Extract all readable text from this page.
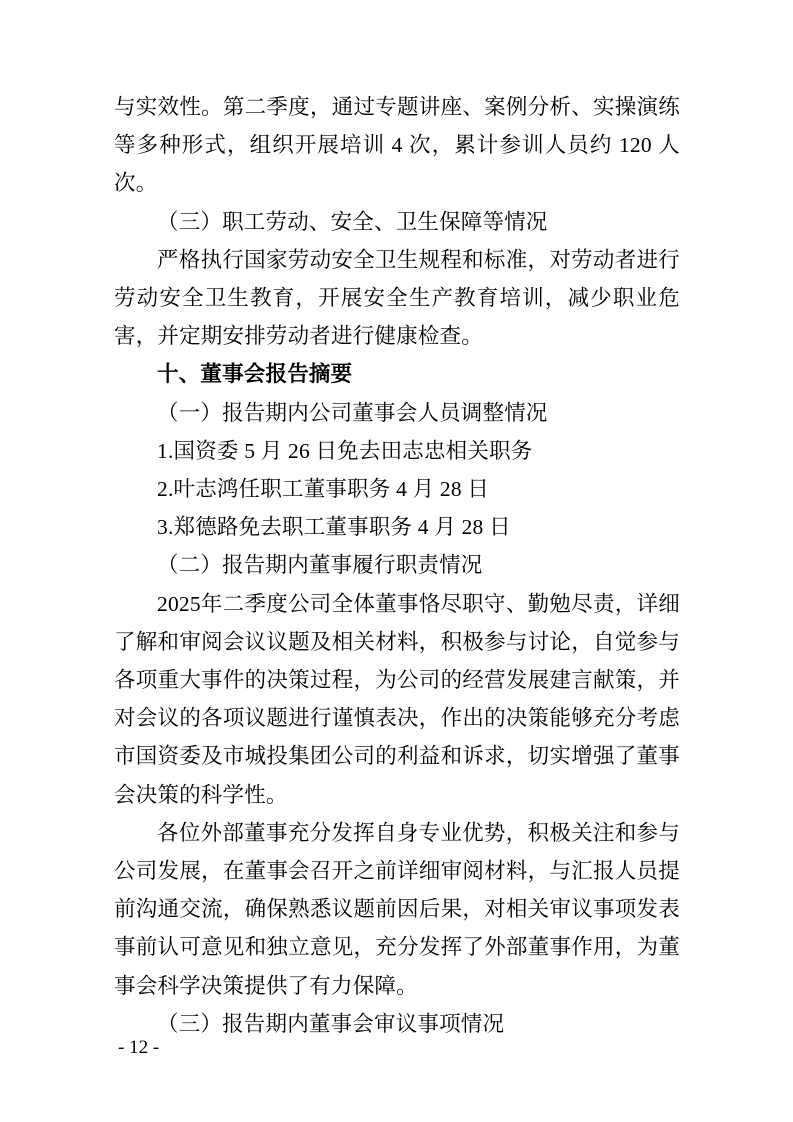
与实效性。第二季度，通过专题讲座、案例分析、实操演练等多种形式，组织开展培训 4 次，累计参训人员约 120 人次。

（三）职工劳动、安全、卫生保障等情况

严格执行国家劳动安全卫生规程和标准，对劳动者进行劳动安全卫生教育，开展安全生产教育培训，减少职业危害，并定期安排劳动者进行健康检查。

十、董事会报告摘要

（一）报告期内公司董事会人员调整情况

1.国资委 5 月 26 日免去田志忠相关职务

2.叶志鸿任职工董事职务 4 月 28 日

3.郑德路免去职工董事职务 4 月 28 日

（二）报告期内董事履行职责情况

2025年二季度公司全体董事恪尽职守、勤勉尽责，详细了解和审阅会议议题及相关材料，积极参与讨论，自觉参与各项重大事件的决策过程，为公司的经营发展建言献策，并对会议的各项议题进行谨慎表决，作出的决策能够充分考虑市国资委及市城投集团公司的利益和诉求，切实增强了董事会决策的科学性。

各位外部董事充分发挥自身专业优势，积极关注和参与公司发展，在董事会召开之前详细审阅材料，与汇报人员提前沟通交流，确保熟悉议题前因后果，对相关审议事项发表事前认可意见和独立意见，充分发挥了外部董事作用，为董事会科学决策提供了有力保障。

（三）报告期内董事会审议事项情况

- 12 -
